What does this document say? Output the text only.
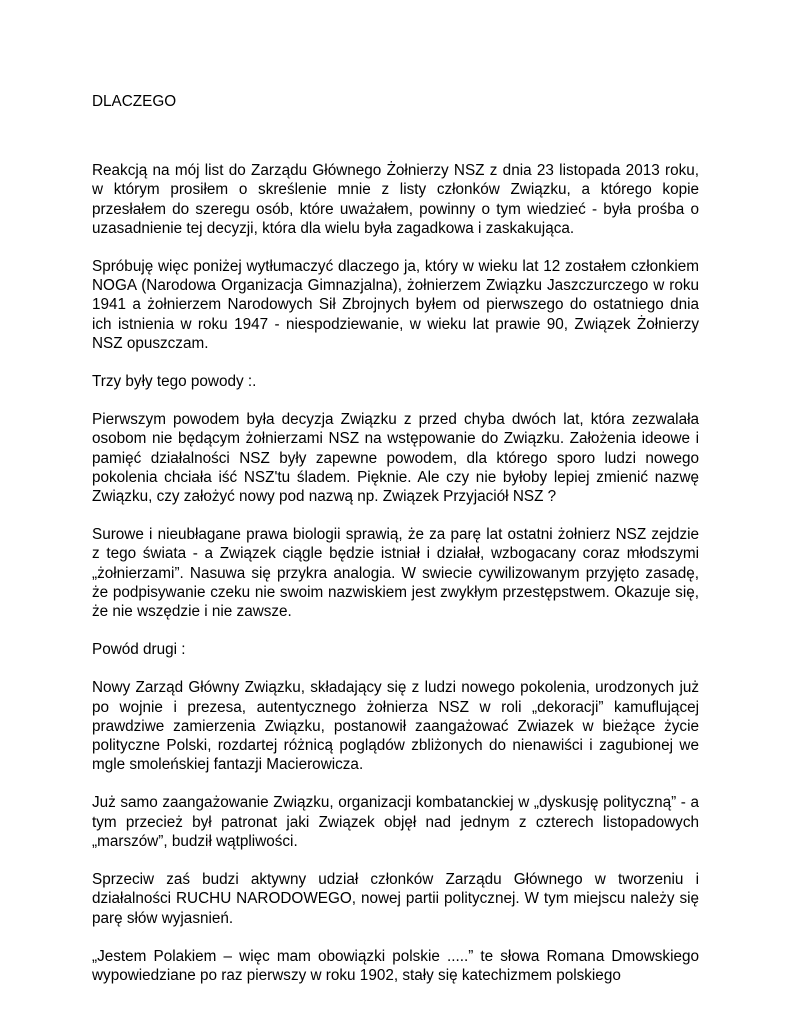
DLACZEGO

Reakcją na mój list do Zarządu Głównego Żołnierzy NSZ z dnia 23 listopada 2013 roku, w którym prosiłem o skreślenie mnie z listy członków Związku, a którego kopie przesłałem do szeregu osób, które uważałem, powinny o tym wiedzieć - była prośba o uzasadnienie tej decyzji, która dla wielu była zagadkowa i zaskakująca.

Spróbuję więc poniżej wytłumaczyć dlaczego ja, który w wieku lat 12 zostałem członkiem NOGA (Narodowa Organizacja Gimnazjalna), żołnierzem Związku Jaszczurczego w roku 1941 a żołnierzem Narodowych Sił Zbrojnych byłem od pierwszego do ostatniego dnia ich istnienia w roku 1947 - niespodziewanie, w wieku lat prawie 90, Związek Żołnierzy NSZ opuszczam.

Trzy były tego powody :.

Pierwszym powodem była decyzja Związku z przed chyba dwóch lat, która zezwalała osobom nie będącym żołnierzami NSZ na wstępowanie do Związku. Założenia ideowe i pamięć działalności NSZ były zapewne powodem, dla którego sporo ludzi nowego pokolenia chciała iść NSZ'tu śladem. Pięknie. Ale czy nie byłoby lepiej zmienić nazwę Związku, czy założyć nowy pod nazwą np. Związek Przyjaciół NSZ ?

Surowe i nieubłagane prawa biologii sprawią, że za parę lat ostatni żołnierz NSZ zejdzie z tego świata - a Związek ciągle będzie istniał i działał, wzbogacany coraz młodszymi „żołnierzami”. Nasuwa się przykra analogia. W swiecie cywilizowanym przyjęto zasadę, że podpisywanie czeku nie swoim nazwiskiem jest zwykłym przestępstwem. Okazuje się, że nie wszędzie i nie zawsze.

Powód drugi :

Nowy Zarząd Główny Związku, składający się z ludzi nowego pokolenia, urodzonych już po wojnie i prezesa, autentycznego żołnierza NSZ w roli „dekoracji” kamuflującej prawdziwe zamierzenia Związku, postanowił zaangażować Zwiazek w bieżące życie polityczne Polski, rozdartej różnicą poglądów zbliżonych do nienawiści i zagubionej we mgle smoleńskiej fantazji Macierowicza.

Już samo zaangażowanie Związku, organizacji kombatanckiej w „dyskusję polityczną” - a tym przecież był patronat jaki Związek objęł nad jednym z czterech listopadowych „marszów”, budził wątpliwości.

Sprzeciw zaś budzi aktywny udział członków Zarządu Głównego w tworzeniu i działalności RUCHU NARODOWEGO, nowej partii politycznej. W tym miejscu należy się parę słów wyjasnień.

„Jestem Polakiem – więc mam obowiązki polskie .....” te słowa Romana Dmowskiego wypowiedziane po raz pierwszy w roku 1902, stały się katechizmem polskiego
